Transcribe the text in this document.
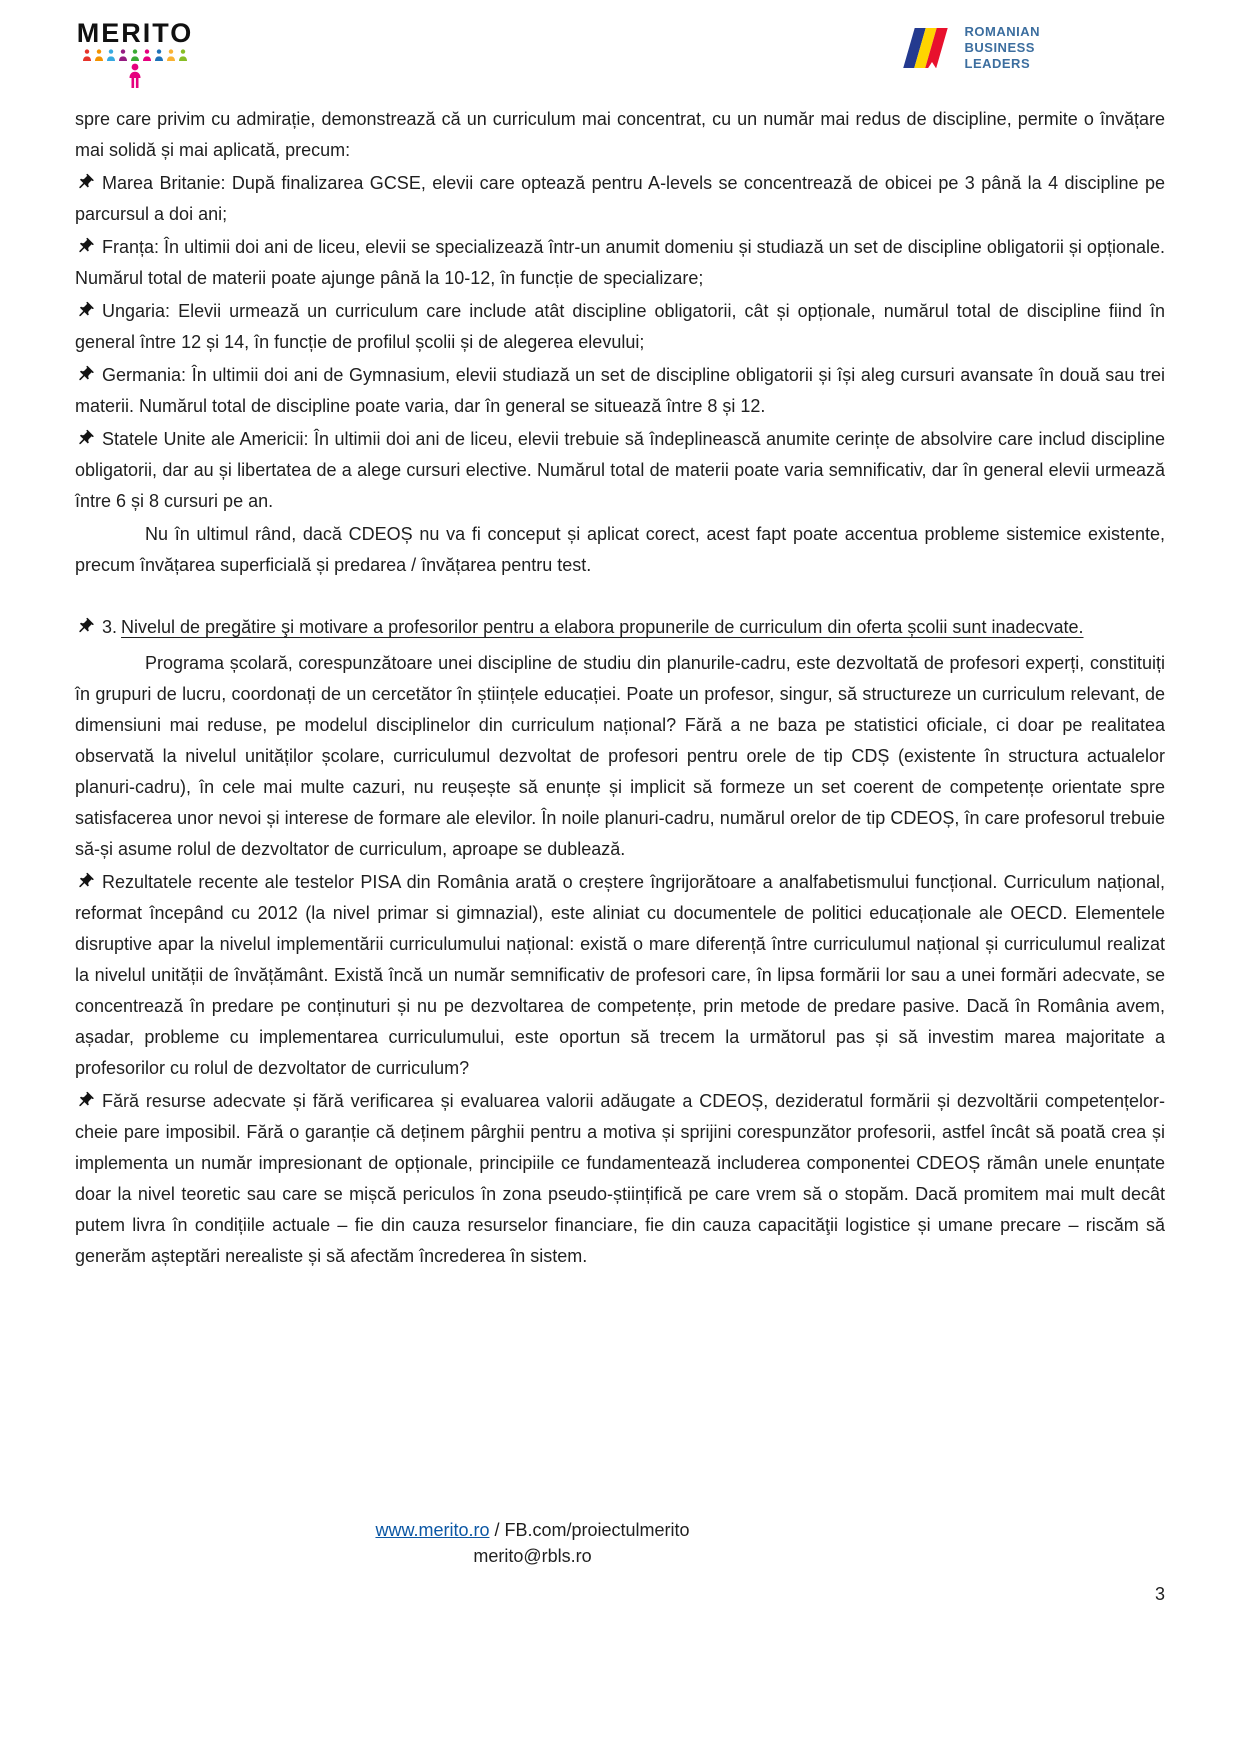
MERITO	ROMANIAN
BUSINESS
LEADERS

spre care privim cu admirație, demonstrează că un curriculum mai concentrat, cu un număr mai redus de discipline, permite o învățare mai solidă și mai aplicată, precum:

Marea Britanie: După finalizarea GCSE, elevii care optează pentru A-levels se concentrează de obicei pe 3 până la 4 discipline pe parcursul a doi ani;

Franța: În ultimii doi ani de liceu, elevii se specializează într-un anumit domeniu și studiază un set de discipline obligatorii și opționale. Numărul total de materii poate ajunge până la 10-12, în funcție de specializare;

Ungaria: Elevii urmează un curriculum care include atât discipline obligatorii, cât și opționale, numărul total de discipline fiind în general între 12 și 14, în funcție de profilul școlii și de alegerea elevului;

Germania: În ultimii doi ani de Gymnasium, elevii studiază un set de discipline obligatorii și își aleg cursuri avansate în două sau trei materii. Numărul total de discipline poate varia, dar în general se situează între 8 și 12.

Statele Unite ale Americii: În ultimii doi ani de liceu, elevii trebuie să îndeplinească anumite cerințe de absolvire care includ discipline obligatorii, dar au și libertatea de a alege cursuri elective. Numărul total de materii poate varia semnificativ, dar în general elevii urmează între 6 și 8 cursuri pe an.

Nu în ultimul rând, dacă CDEOȘ nu va fi conceput și aplicat corect, acest fapt poate accentua probleme sistemice existente, precum învățarea superficială și predarea / învățarea pentru test.

3. Nivelul de pregătire şi motivare a profesorilor pentru a elabora propunerile de curriculum din oferta școlii sunt inadecvate.

Programa școlară, corespunzătoare unei discipline de studiu din planurile-cadru, este dezvoltată de profesori experți, constituiți în grupuri de lucru, coordonați de un cercetător în științele educației. Poate un profesor, singur, să structureze un curriculum relevant, de dimensiuni mai reduse, pe modelul disciplinelor din curriculum național? Fără a ne baza pe statistici oficiale, ci doar pe realitatea observată la nivelul unităților școlare, curriculumul dezvoltat de profesori pentru orele de tip CDȘ (existente în structura actualelor planuri-cadru), în cele mai multe cazuri, nu reușește să enunțe și implicit să formeze un set coerent de competențe orientate spre satisfacerea unor nevoi și interese de formare ale elevilor. În noile planuri-cadru, numărul orelor de tip CDEOȘ, în care profesorul trebuie să-și asume rolul de dezvoltator de curriculum, aproape se dublează.

Rezultatele recente ale testelor PISA din România arată o creștere îngrijorătoare a analfabetismului funcțional. Curriculum național, reformat începând cu 2012 (la nivel primar si gimnazial), este aliniat cu documentele de politici educaționale ale OECD. Elementele disruptive apar la nivelul implementării curriculumului național: există o mare diferență între curriculumul național și curriculumul realizat la nivelul unității de învățământ. Există încă un număr semnificativ de profesori care, în lipsa formării lor sau a unei formări adecvate, se concentrează în predare pe conținuturi și nu pe dezvoltarea de competențe, prin metode de predare pasive. Dacă în România avem, așadar, probleme cu implementarea curriculumului, este oportun să trecem la următorul pas și să investim marea majoritate a profesorilor cu rolul de dezvoltator de curriculum?

Fără resurse adecvate și fără verificarea și evaluarea valorii adăugate a CDEOȘ, dezideratul formării și dezvoltării competențelor-cheie pare imposibil. Fără o garanție că deținem pârghii pentru a motiva și sprijini corespunzător profesorii, astfel încât să poată crea și implementa un număr impresionant de opționale, principiile ce fundamentează includerea componentei CDEOȘ rămân unele enunțate doar la nivel teoretic sau care se mișcă periculos în zona pseudo-științifică pe care vrem să o stopăm. Dacă promitem mai mult decât putem livra în condițiile actuale – fie din cauza resurselor financiare, fie din cauza capacităţii logistice și umane precare – riscăm să generăm așteptări nerealiste și să afectăm încrederea în sistem.

www.merito.ro / FB.com/proiectulmerito
merito@rbls.ro
3
